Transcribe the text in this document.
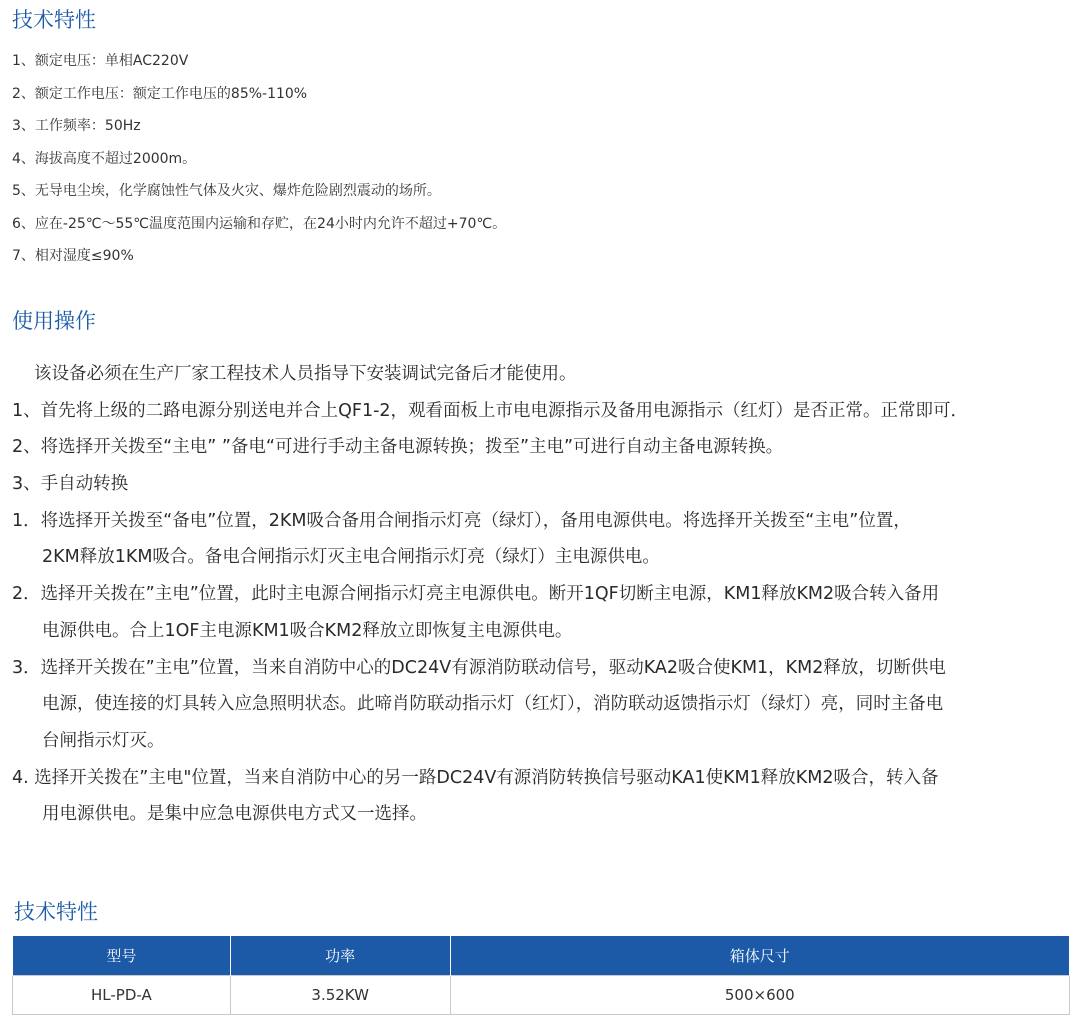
技术特性
1、额定电压：单相AC220V
2、额定工作电压：额定工作电压的85%-110%
3、工作频率：50Hz
4、海拔高度不超过2000m。
5、无导电尘埃，化学腐蚀性气体及火灾、爆炸危险剧烈震动的场所。
6、应在-25℃～55℃温度范围内运输和存贮，在24小时内允许不超过+70℃。
7、相对湿度≤90%
使用操作
该设备必须在生产厂家工程技术人员指导下安装调试完备后才能使用。
1、首先将上级的二路电源分别送电并合上QF1-2，观看面板上市电电源指示及备用电源指示（红灯）是否正常。正常即可．
2、将选择开关拨至“主电” ”备电“可进行手动主备电源转换；拨至”主电”可进行自动主备电源转换。
3、手自动转换
1．将选择开关拨至“备电”位置，2KM吸合备用合闸指示灯亮（绿灯），备用电源供电。将选择开关拨至“主电”位置，
2KM释放1KM吸合。备电合闸指示灯灭主电合闸指示灯亮（绿灯）主电源供电。
2．选择开关拨在”主电”位置，此时主电源合闸指示灯亮主电源供电。断开1QF切断主电源，KM1释放KM2吸合转入备用
电源供电。合上1OF主电源KM1吸合KM2释放立即恢复主电源供电。
3．选择开关拨在”主电”位置，当来自消防中心的DC24V有源消防联动信号，驱动KA2吸合使KM1，KM2释放，切断供电
电源，使连接的灯具转入应急照明状态。此啼肖防联动指示灯（红灯），消防联动返馈指示灯（绿灯）亮，同时主备电
台闸指示灯灭。
4. 选择开关拨在”主电"位置，当来自消防中心的另一路DC24V有源消防转换信号驱动KA1使KM1释放KM2吸合，转入备
用电源供电。是集中应急电源供电方式又一选择。
技术特性
型号	功率	箱体尺寸
HL-PD-A	3.52KW	500×600
